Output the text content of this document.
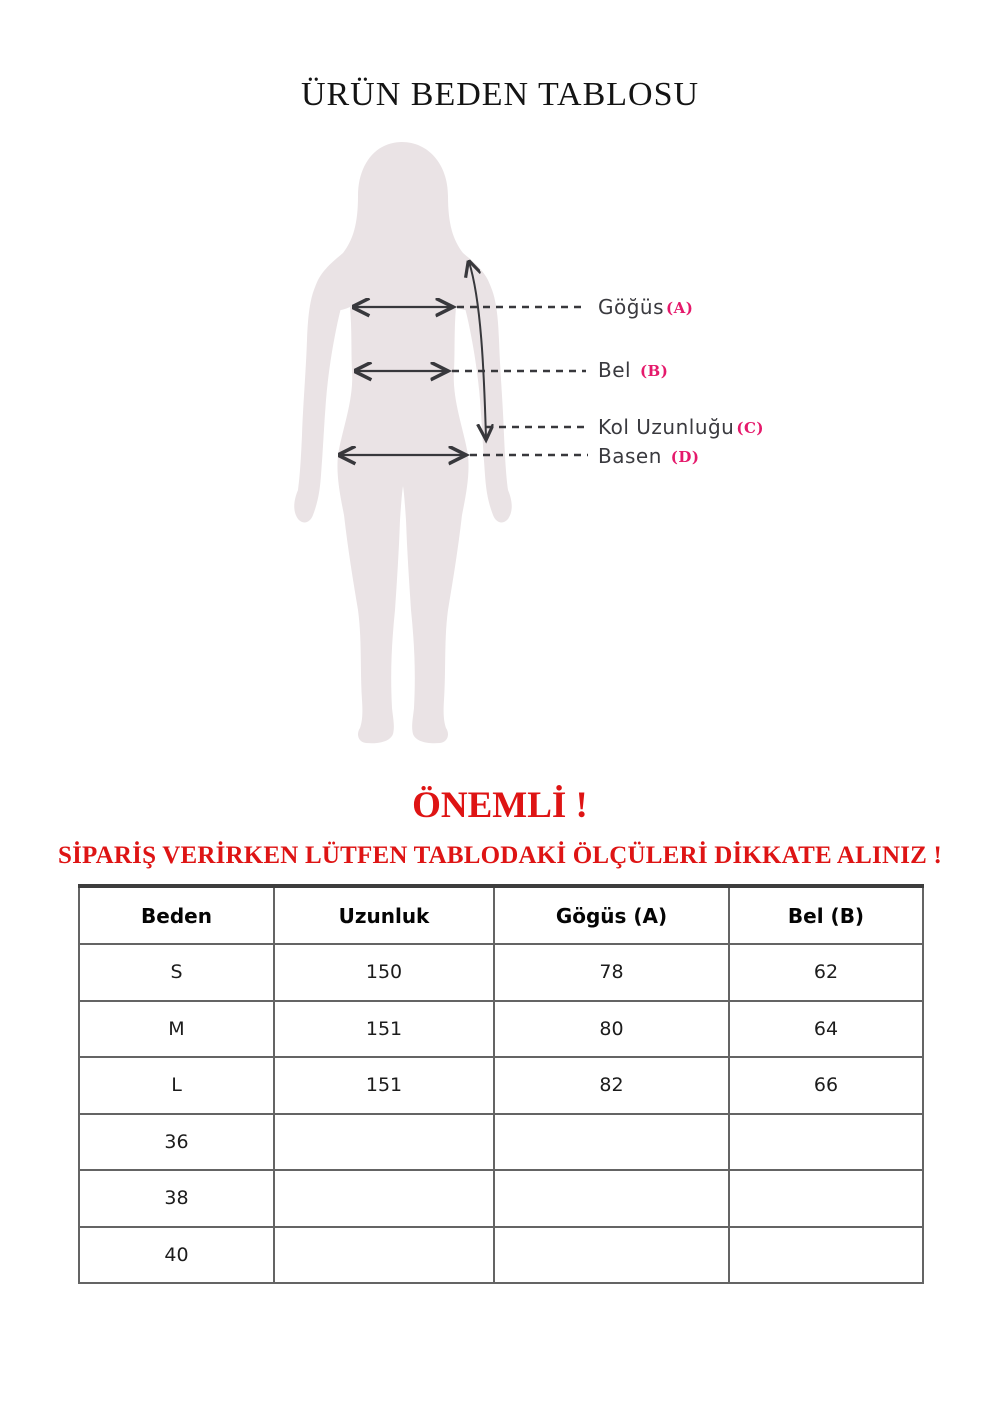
ÜRÜN BEDEN TABLOSU
Göğüs (A)
Bel (B)
Kol Uzunluğu (C)
Basen (D)
ÖNEMLİ !
SİPARİŞ VERİRKEN LÜTFEN TABLODAKİ ÖLÇÜLERİ DİKKATE ALINIZ !
Beden	Uzunluk	Gögüs (A)	Bel (B)
S	150	78	62
M	151	80	64
L	151	82	66
36			
38			
40			
